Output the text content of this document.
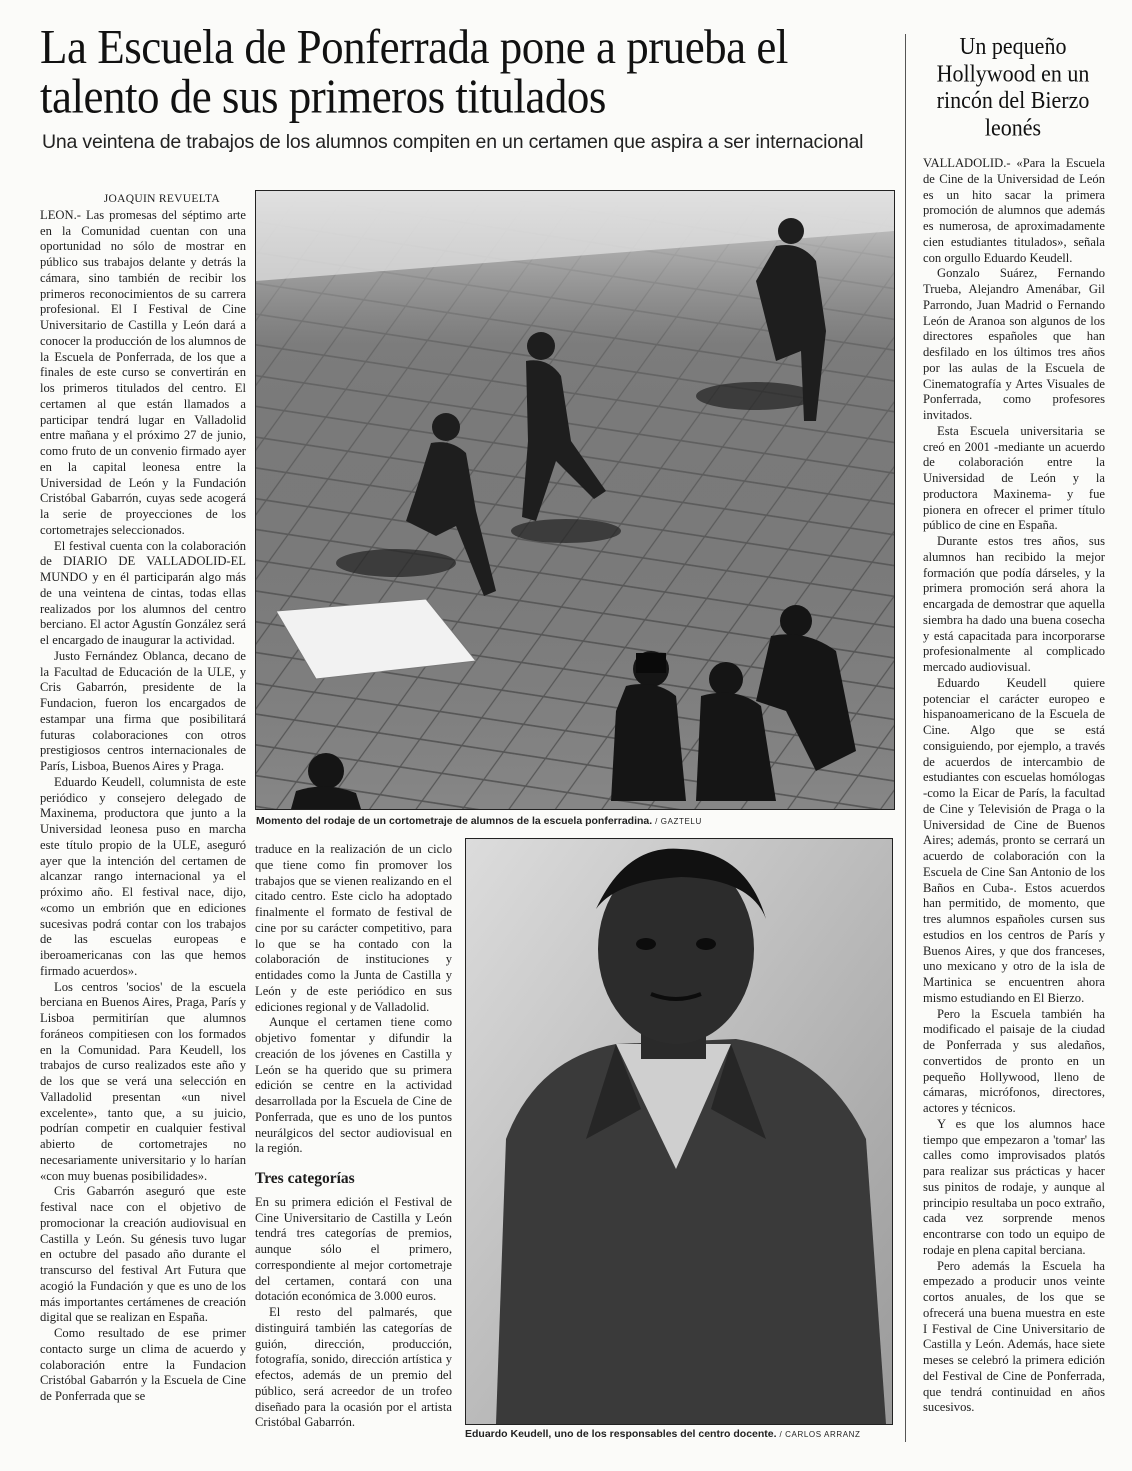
La Escuela de Ponferrada pone a prueba el talento de sus primeros titulados
Una veintena de trabajos de los alumnos compiten en un certamen que aspira a ser internacional

JOAQUIN REVUELTA

LEON.- Las promesas del séptimo arte en la Comunidad cuentan con una oportunidad no sólo de mostrar en público sus trabajos delante y detrás la cámara, sino también de recibir los primeros reconocimientos de su carrera profesional. El I Festival de Cine Universitario de Castilla y León dará a conocer la producción de los alumnos de la Escuela de Ponferrada, de los que a finales de este curso se convertirán en los primeros titulados del centro. El certamen al que están llamados a participar tendrá lugar en Valladolid entre mañana y el próximo 27 de junio, como fruto de un convenio firmado ayer en la capital leonesa entre la Universidad de León y la Fundación Cristóbal Gabarrón, cuyas sede acogerá la serie de proyecciones de los cortometrajes seleccionados.

El festival cuenta con la colaboración de DIARIO DE VALLADOLID-EL MUNDO y en él participarán algo más de una veintena de cintas, todas ellas realizados por los alumnos del centro berciano. El actor Agustín González será el encargado de inaugurar la actividad.

Justo Fernández Oblanca, decano de la Facultad de Educación de la ULE, y Cris Gabarrón, presidente de la Fundacion, fueron los encargados de estampar una firma que posibilitará futuras colaboraciones con otros prestigiosos centros internacionales de París, Lisboa, Buenos Aires y Praga.

Eduardo Keudell, columnista de este periódico y consejero delegado de Maxinema, productora que junto a la Universidad leonesa puso en marcha este título propio de la ULE, aseguró ayer que la intención del certamen de alcanzar rango internacional ya el próximo año. El festival nace, dijo, «como un embrión que en ediciones sucesivas podrá contar con los trabajos de las escuelas europeas e iberoamericanas con las que hemos firmado acuerdos».

Los centros 'socios' de la escuela berciana en Buenos Aires, Praga, París y Lisboa permitirían que alumnos foráneos compitiesen con los formados en la Comunidad. Para Keudell, los trabajos de curso realizados este año y de los que se verá una selección en Valladolid presentan «un nivel excelente», tanto que, a su juicio, podrían competir en cualquier festival abierto de cortometrajes no necesariamente universitario y lo harían «con muy buenas posibilidades».

Cris Gabarrón aseguró que este festival nace con el objetivo de promocionar la creación audiovisual en Castilla y León. Su génesis tuvo lugar en octubre del pasado año durante el transcurso del festival Art Futura que acogió la Fundación y que es uno de los más importantes certámenes de creación digital que se realizan en España.

Como resultado de ese primer contacto surge un clima de acuerdo y colaboración entre la Fundacion Cristóbal Gabarrón y la Escuela de Cine de Ponferrada que se

Momento del rodaje de un cortometraje de alumnos de la escuela ponferradina. / GAZTELU

traduce en la realización de un ciclo que tiene como fin promover los trabajos que se vienen realizando en el citado centro. Este ciclo ha adoptado finalmente el formato de festival de cine por su carácter competitivo, para lo que se ha contado con la colaboración de instituciones y entidades como la Junta de Castilla y León y de este periódico en sus ediciones regional y de Valladolid.

Aunque el certamen tiene como objetivo fomentar y difundir la creación de los jóvenes en Castilla y León se ha querido que su primera edición se centre en la actividad desarrollada por la Escuela de Cine de Ponferrada, que es uno de los puntos neurálgicos del sector audiovisual en la región.

Tres categorías

En su primera edición el Festival de Cine Universitario de Castilla y León tendrá tres categorías de premios, aunque sólo el primero, correspondiente al mejor cortometraje del certamen, contará con una dotación económica de 3.000 euros.

El resto del palmarés, que distinguirá también las categorías de guión, dirección, producción, fotografía, sonido, dirección artística y efectos, además de un premio del público, será acreedor de un trofeo diseñado para la ocasión por el artista Cristóbal Gabarrón.

Eduardo Keudell, uno de los responsables del centro docente. / CARLOS ARRANZ
Un pequeño Hollywood en un rincón del Bierzo leonés

VALLADOLID.- «Para la Escuela de Cine de la Universidad de León es un hito sacar la primera promoción de alumnos que además es numerosa, de aproximadamente cien estudiantes titulados», señala con orgullo Eduardo Keudell.

Gonzalo Suárez, Fernando Trueba, Alejandro Amenábar, Gil Parrondo, Juan Madrid o Fernando León de Aranoa son algunos de los directores españoles que han desfilado en los últimos tres años por las aulas de la Escuela de Cinematografía y Artes Visuales de Ponferrada, como profesores invitados.

Esta Escuela universitaria se creó en 2001 -mediante un acuerdo de colaboración entre la Universidad de León y la productora Maxinema- y fue pionera en ofrecer el primer título público de cine en España.

Durante estos tres años, sus alumnos han recibido la mejor formación que podía dárseles, y la primera promoción será ahora la encargada de demostrar que aquella siembra ha dado una buena cosecha y está capacitada para incorporarse profesionalmente al complicado mercado audiovisual.

Eduardo Keudell quiere potenciar el carácter europeo e hispanoamericano de la Escuela de Cine. Algo que se está consiguiendo, por ejemplo, a través de acuerdos de intercambio de estudiantes con escuelas homólogas -como la Eicar de París, la facultad de Cine y Televisión de Praga o la Universidad de Cine de Buenos Aires; además, pronto se cerrará un acuerdo de colaboración con la Escuela de Cine San Antonio de los Baños en Cuba-. Estos acuerdos han permitido, de momento, que tres alumnos españoles cursen sus estudios en los centros de París y Buenos Aires, y que dos franceses, uno mexicano y otro de la isla de Martinica se encuentren ahora mismo estudiando en El Bierzo.

Pero la Escuela también ha modificado el paisaje de la ciudad de Ponferrada y sus aledaños, convertidos de pronto en un pequeño Hollywood, lleno de cámaras, micrófonos, directores, actores y técnicos.

Y es que los alumnos hace tiempo que empezaron a 'tomar' las calles como improvisados platós para realizar sus prácticas y hacer sus pinitos de rodaje, y aunque al principio resultaba un poco extraño, cada vez sorprende menos encontrarse con todo un equipo de rodaje en plena capital berciana.

Pero además la Escuela ha empezado a producir unos veinte cortos anuales, de los que se ofrecerá una buena muestra en este I Festival de Cine Universitario de Castilla y León. Además, hace siete meses se celebró la primera edición del Festival de Cine de Ponferrada, que tendrá continuidad en años sucesivos.
